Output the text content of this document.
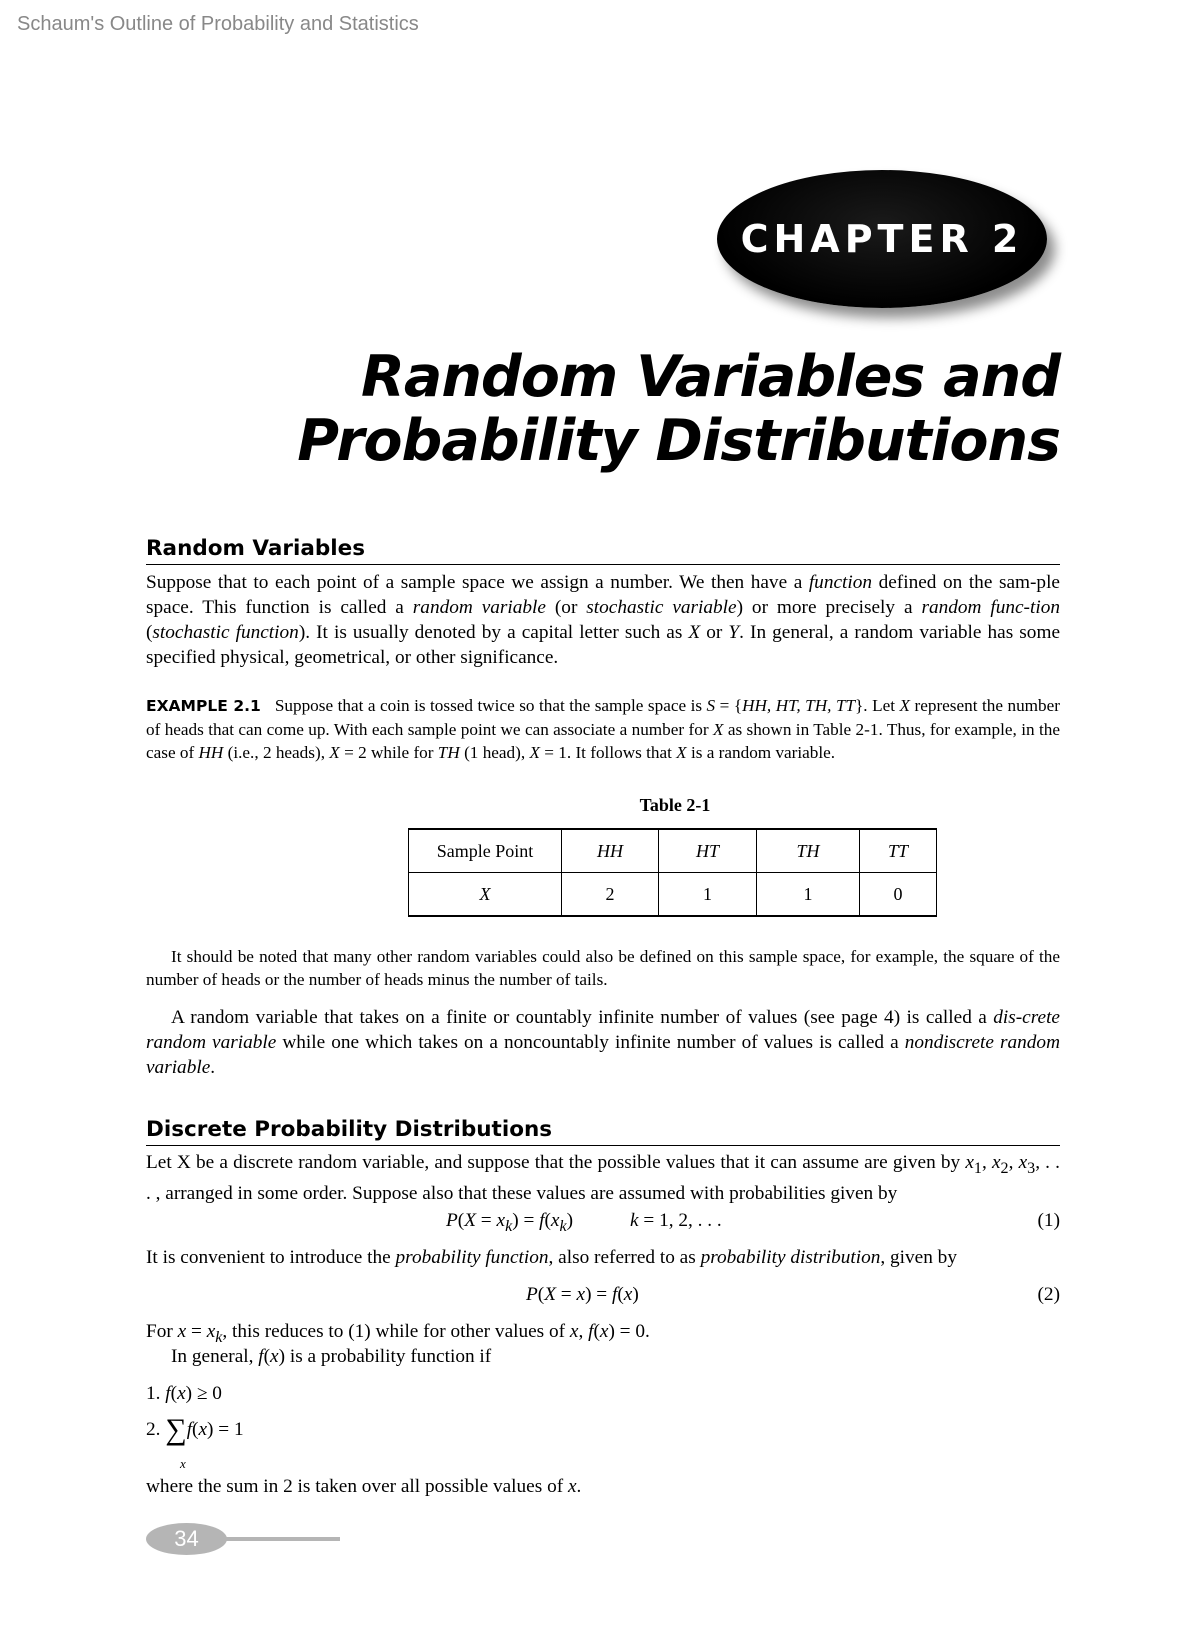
Schaum's Outline of Probability and Statistics
CHAPTER 2
Random Variables and
Probability Distributions
Random Variables

Suppose that to each point of a sample space we assign a number. We then have a function defined on the sam-ple space. This function is called a random variable (or stochastic variable) or more precisely a random func-tion (stochastic function). It is usually denoted by a capital letter such as X or Y. In general, a random variable has some specified physical, geometrical, or other significance.

EXAMPLE 2.1 Suppose that a coin is tossed twice so that the sample space is S = {HH, HT, TH, TT}. Let X represent the number of heads that can come up. With each sample point we can associate a number for X as shown in Table 2-1. Thus, for example, in the case of HH (i.e., 2 heads), X = 2 while for TH (1 head), X = 1. It follows that X is a random variable.

Table 2-1

Sample Point	HH	HT	TH	TT
X	2	1	1	0

It should be noted that many other random variables could also be defined on this sample space, for example, the square of the number of heads or the number of heads minus the number of tails.

A random variable that takes on a finite or countably infinite number of values (see page 4) is called a dis-crete random variable while one which takes on a noncountably infinite number of values is called a nondiscrete random variable.

Discrete Probability Distributions

Let X be a discrete random variable, and suppose that the possible values that it can assume are given by $x_1$, $x_2$, $x_3$, . . . , arranged in some order. Suppose also that these values are assumed with probabilities given by

$P(X = x_k) = f(x_k)$	k = 1, 2, . . .	(1)

It is convenient to introduce the probability function, also referred to as probability distribution, given by

P(X = x) = f(x)	(2)

For $x = x_k$, this reduces to (1) while for other values of x, f(x) = 0.

In general, f(x) is a probability function if

1. f(x) ≥ 0
2. ∑f(x) = 1
x

where the sum in 2 is taken over all possible values of x.

34
